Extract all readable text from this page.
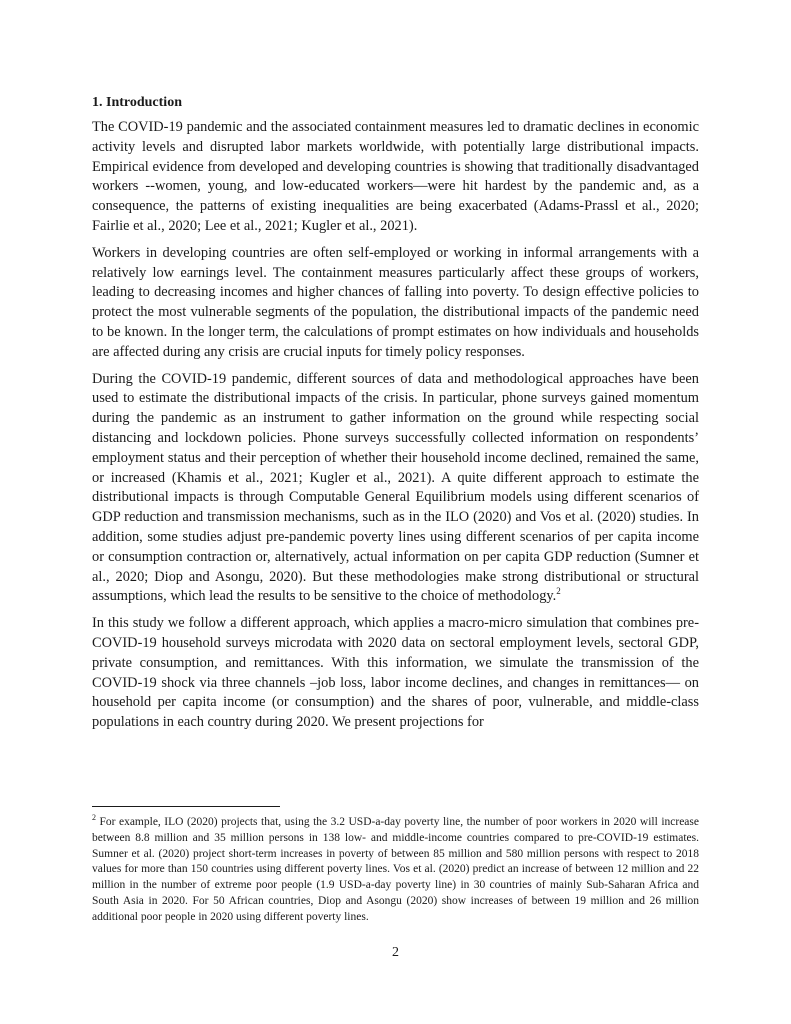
1. Introduction

The COVID-19 pandemic and the associated containment measures led to dramatic declines in economic activity levels and disrupted labor markets worldwide, with potentially large distributional impacts. Empirical evidence from developed and developing countries is showing that traditionally disadvantaged workers --women, young, and low-educated workers—were hit hardest by the pandemic and, as a consequence, the patterns of existing inequalities are being exacerbated (Adams-Prassl et al., 2020; Fairlie et al., 2020; Lee et al., 2021; Kugler et al., 2021).

Workers in developing countries are often self-employed or working in informal arrangements with a relatively low earnings level. The containment measures particularly affect these groups of workers, leading to decreasing incomes and higher chances of falling into poverty. To design effective policies to protect the most vulnerable segments of the population, the distributional impacts of the pandemic need to be known. In the longer term, the calculations of prompt estimates on how individuals and households are affected during any crisis are crucial inputs for timely policy responses.

During the COVID-19 pandemic, different sources of data and methodological approaches have been used to estimate the distributional impacts of the crisis. In particular, phone surveys gained momentum during the pandemic as an instrument to gather information on the ground while respecting social distancing and lockdown policies. Phone surveys successfully collected information on respondents’ employment status and their perception of whether their household income declined, remained the same, or increased (Khamis et al., 2021; Kugler et al., 2021). A quite different approach to estimate the distributional impacts is through Computable General Equilibrium models using different scenarios of GDP reduction and transmission mechanisms, such as in the ILO (2020) and Vos et al. (2020) studies. In addition, some studies adjust pre-pandemic poverty lines using different scenarios of per capita income or consumption contraction or, alternatively, actual information on per capita GDP reduction (Sumner et al., 2020; Diop and Asongu, 2020). But these methodologies make strong distributional or structural assumptions, which lead the results to be sensitive to the choice of methodology.$^2$

In this study we follow a different approach, which applies a macro-micro simulation that combines pre-COVID-19 household surveys microdata with 2020 data on sectoral employment levels, sectoral GDP, private consumption, and remittances. With this information, we simulate the transmission of the COVID-19 shock via three channels –job loss, labor income declines, and changes in remittances— on household per capita income (or consumption) and the shares of poor, vulnerable, and middle-class populations in each country during 2020. We present projections for

$^2$ For example, ILO (2020) projects that, using the 3.2 USD-a-day poverty line, the number of poor workers in 2020 will increase between 8.8 million and 35 million persons in 138 low- and middle-income countries compared to pre-COVID-19 estimates. Sumner et al. (2020) project short-term increases in poverty of between 85 million and 580 million persons with respect to 2018 values for more than 150 countries using different poverty lines. Vos et al. (2020) predict an increase of between 12 million and 22 million in the number of extreme poor people (1.9 USD-a-day poverty line) in 30 countries of mainly Sub-Saharan Africa and South Asia in 2020. For 50 African countries, Diop and Asongu (2020) show increases of between 19 million and 26 million additional poor people in 2020 using different poverty lines.

2
